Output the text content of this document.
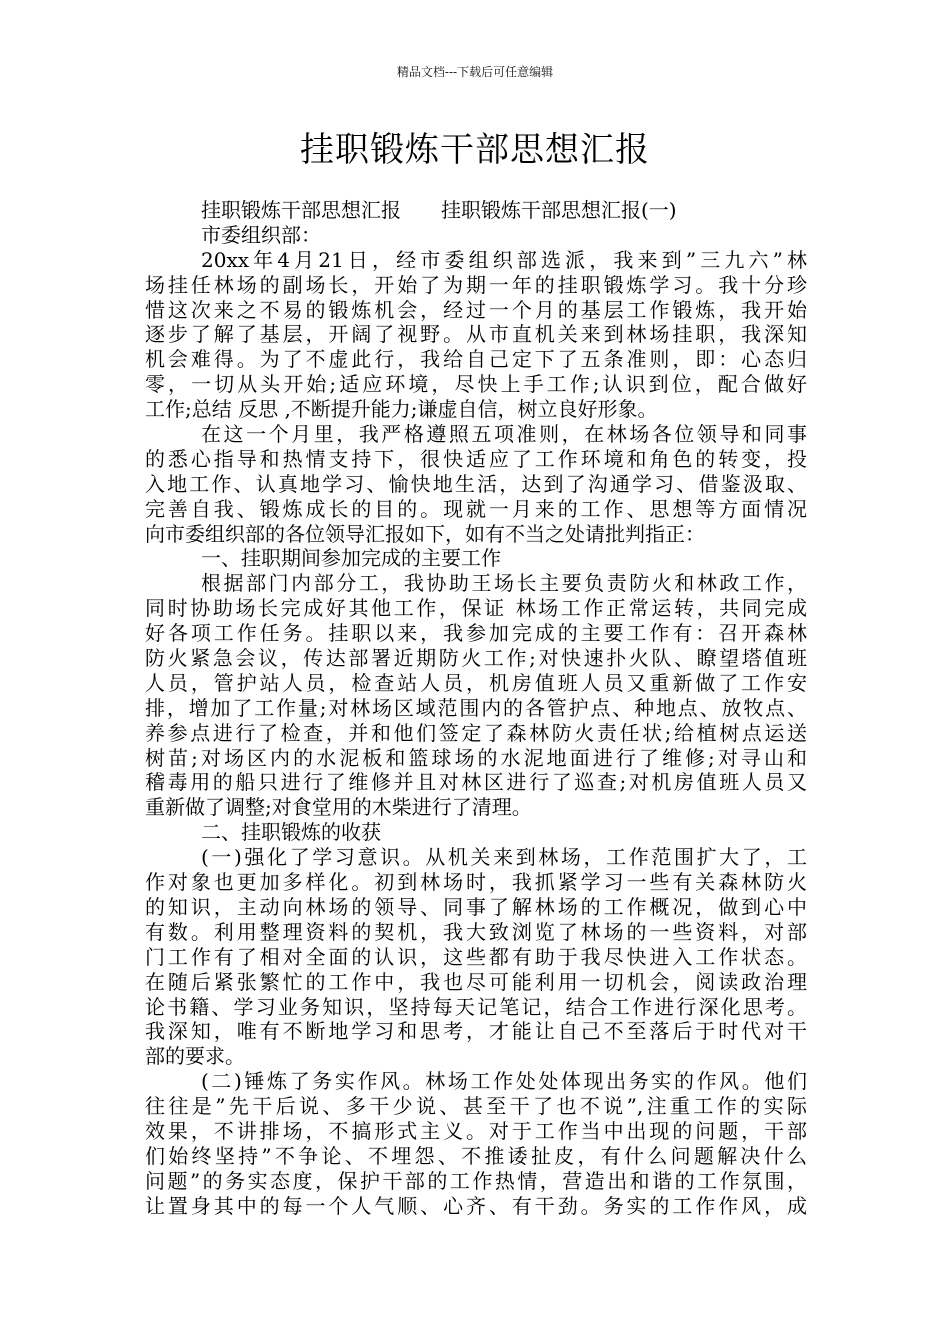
精品文档---下载后可任意编辑
挂职锻炼干部思想汇报
挂职锻炼干部思想汇报　　挂职锻炼干部思想汇报(一)
市委组织部：
20xx年4月21日，经市委组织部选派，我来到”三九六”林
场挂任林场的副场长，开始了为期一年的挂职锻炼学习。我十分珍
惜这次来之不易的锻炼机会，经过一个月的基层工作锻炼，我开始
逐步了解了基层，开阔了视野。从市直机关来到林场挂职，我深知
机会难得。为了不虚此行，我给自己定下了五条准则，即：心态归
零，一切从头开始;适应环境，尽快上手工作;认识到位，配合做好
工作;总结 反思 ,不断提升能力;谦虚自信，树立良好形象。
在这一个月里，我严格遵照五项准则，在林场各位领导和同事
的悉心指导和热情支持下，很快适应了工作环境和角色的转变，投
入地工作、认真地学习、愉快地生活，达到了沟通学习、借鉴汲取、
完善自我、锻炼成长的目的。现就一月来的工作、思想等方面情况
向市委组织部的各位领导汇报如下，如有不当之处请批判指正：
一、挂职期间参加完成的主要工作
根据部门内部分工，我协助王场长主要负责防火和林政工作，
同时协助场长完成好其他工作，保证 林场工作正常运转，共同完成
好各项工作任务。挂职以来，我参加完成的主要工作有：召开森林
防火紧急会议，传达部署近期防火工作;对快速扑火队、瞭望塔值班
人员，管护站人员，检查站人员，机房值班人员又重新做了工作安
排，增加了工作量;对林场区域范围内的各管护点、种地点、放牧点、
养参点进行了检查，并和他们签定了森林防火责任状;给植树点运送
树苗;对场区内的水泥板和篮球场的水泥地面进行了维修;对寻山和
稽毒用的船只进行了维修并且对林区进行了巡查;对机房值班人员又
重新做了调整;对食堂用的木柴进行了清理。
二、挂职锻炼的收获
(一)强化了学习意识。从机关来到林场，工作范围扩大了，工
作对象也更加多样化。初到林场时，我抓紧学习一些有关森林防火
的知识，主动向林场的领导、同事了解林场的工作概况，做到心中
有数。利用整理资料的契机，我大致浏览了林场的一些资料，对部
门工作有了相对全面的认识，这些都有助于我尽快进入工作状态。
在随后紧张繁忙的工作中，我也尽可能利用一切机会，阅读政治理
论书籍、学习业务知识，坚持每天记笔记，结合工作进行深化思考。
我深知，唯有不断地学习和思考，才能让自己不至落后于时代对干
部的要求。
(二)锤炼了务实作风。林场工作处处体现出务实的作风。他们
往往是”先干后说、多干少说、甚至干了也不说”,注重工作的实际
效果，不讲排场，不搞形式主义。对于工作当中出现的问题，干部
们始终坚持”不争论、不埋怨、不推诿扯皮，有什么问题解决什么
问题”的务实态度，保护干部的工作热情，营造出和谐的工作氛围，
让置身其中的每一个人气顺、心齐、有干劲。务实的工作作风，成
